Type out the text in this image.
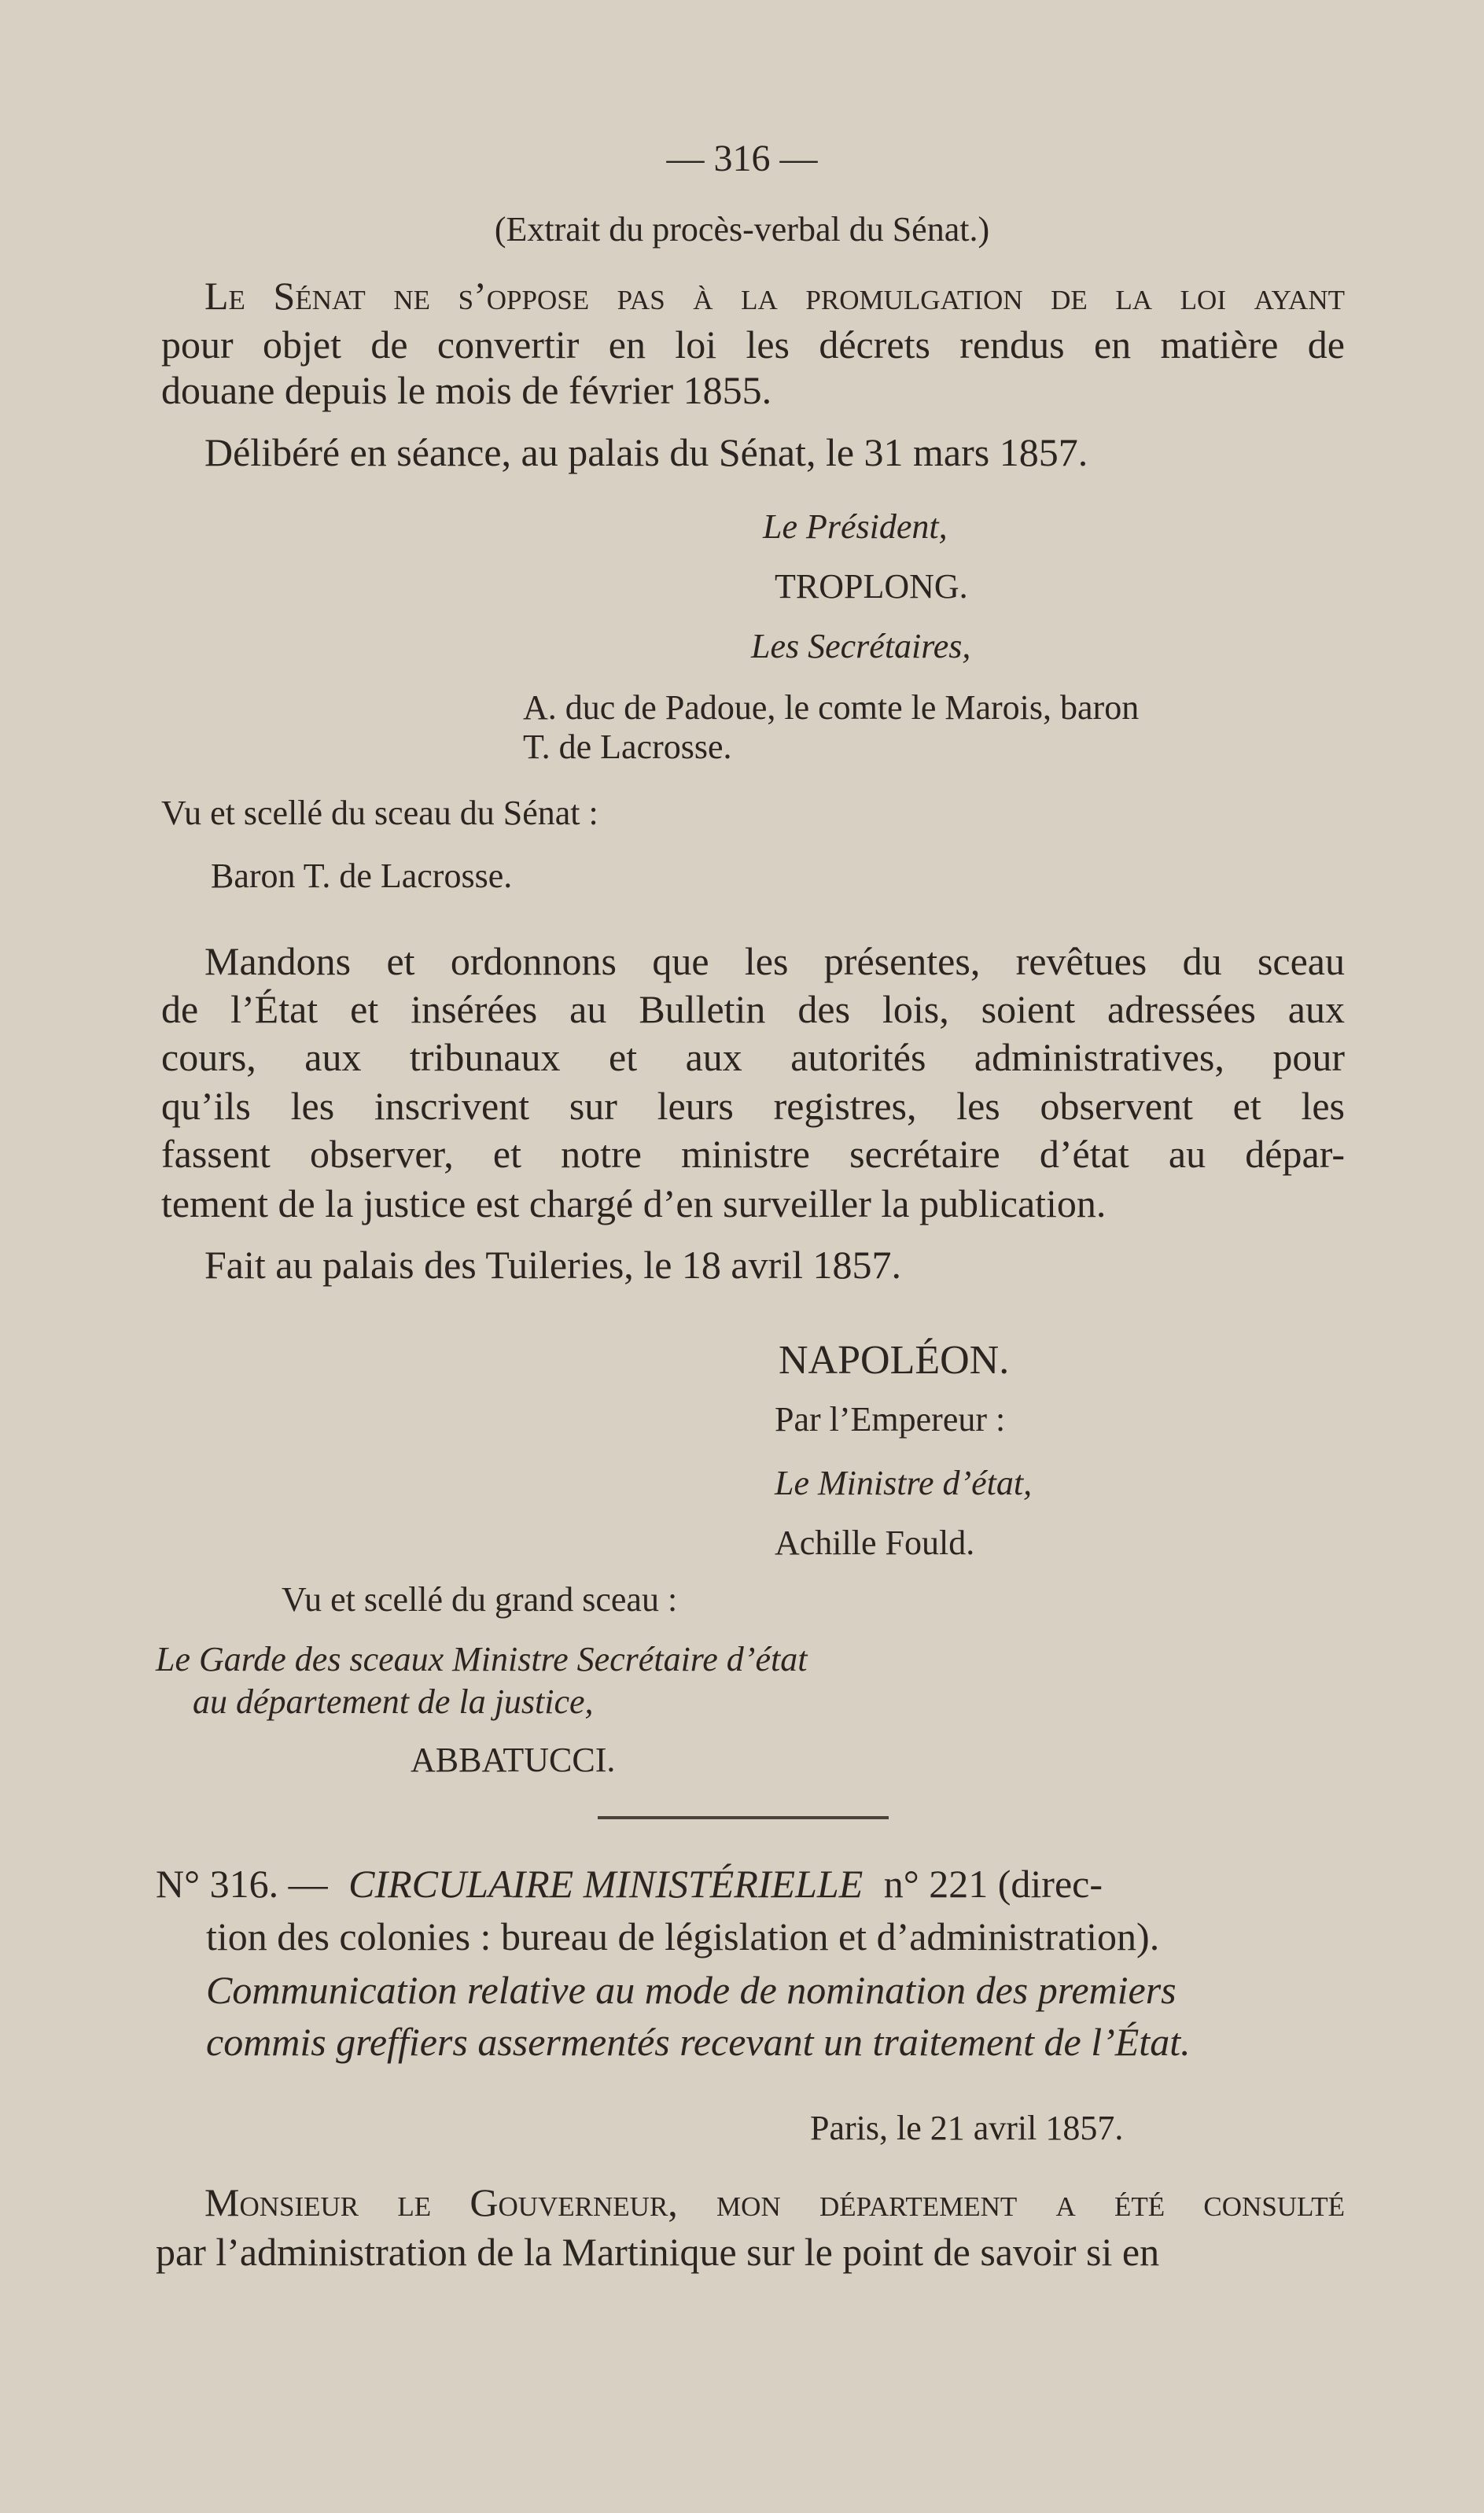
— 316 —
(Extrait du procès-verbal du Sénat.)
Le Sénat ne s’oppose pas à la promulgation de la loi ayant
pour objet de convertir en loi les décrets rendus en matière de
douane depuis le mois de février 1855.
Délibéré en séance, au palais du Sénat, le 31 mars 1857.
Le Président,
TROPLONG.
Les Secrétaires,
A. duc de Padoue, le comte le Marois, baron
T. de Lacrosse.
Vu et scellé du sceau du Sénat :
Baron T. de Lacrosse.
Mandons et ordonnons que les présentes, revêtues du sceau
de l’État et insérées au Bulletin des lois, soient adressées aux
cours, aux tribunaux et aux autorités administratives, pour
qu’ils les inscrivent sur leurs registres, les observent et les
fassent observer, et notre ministre secrétaire d’état au dépar-
tement de la justice est chargé d’en surveiller la publication.
Fait au palais des Tuileries, le 18 avril 1857.
NAPOLÉON.
Par l’Empereur :
Le Ministre d’état,
Achille Fould.
Vu et scellé du grand sceau :
Le Garde des sceaux Ministre Secrétaire d’état
au département de la justice,
ABBATUCCI.
N° 316. — CIRCULAIRE MINISTÉRIELLE n° 221 (direc-
tion des colonies : bureau de législation et d’administration).
Communication relative au mode de nomination des premiers
commis greffiers assermentés recevant un traitement de l’État.
Paris, le 21 avril 1857.
Monsieur le Gouverneur, mon département a été consulté
par l’administration de la Martinique sur le point de savoir si en
